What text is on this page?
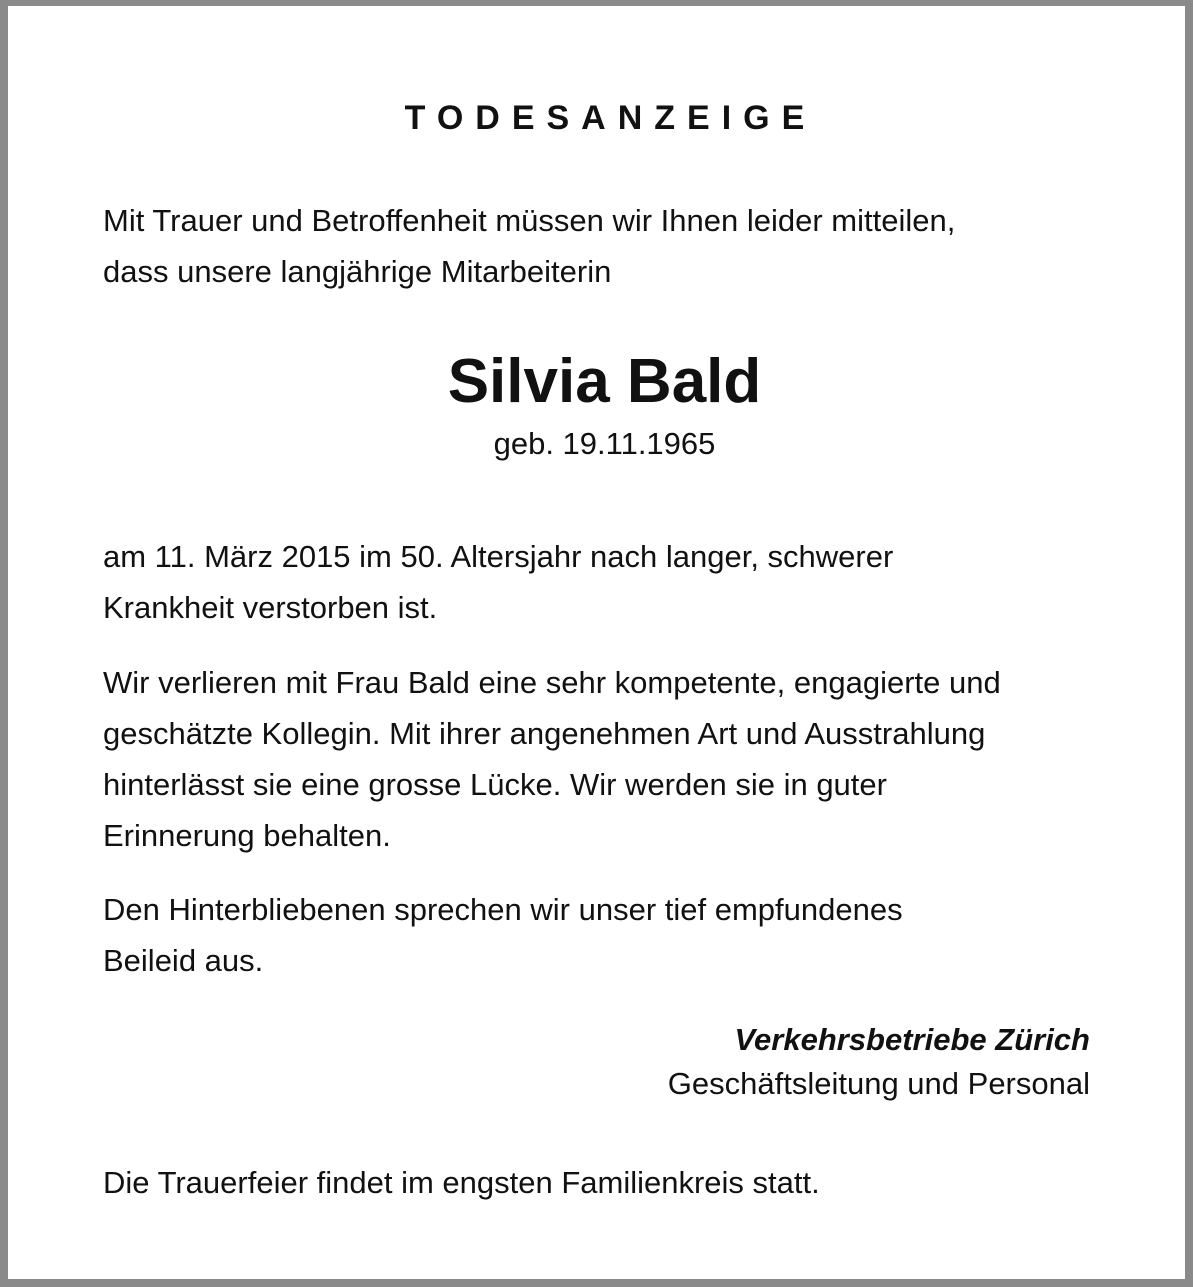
TODESANZEIGE

Mit Trauer und Betroffenheit müssen wir Ihnen leider mitteilen,
dass unsere langjährige Mitarbeiterin

Silvia Bald
geb. 19.11.1965

am 11. März 2015 im 50. Altersjahr nach langer, schwerer
Krankheit verstorben ist.

Wir verlieren mit Frau Bald eine sehr kompetente, engagierte und
geschätzte Kollegin. Mit ihrer angenehmen Art und Ausstrahlung
hinterlässt sie eine grosse Lücke. Wir werden sie in guter
Erinnerung behalten.

Den Hinterbliebenen sprechen wir unser tief empfundenes
Beileid aus.

Verkehrsbetriebe Zürich
Geschäftsleitung und Personal

Die Trauerfeier findet im engsten Familienkreis statt.
